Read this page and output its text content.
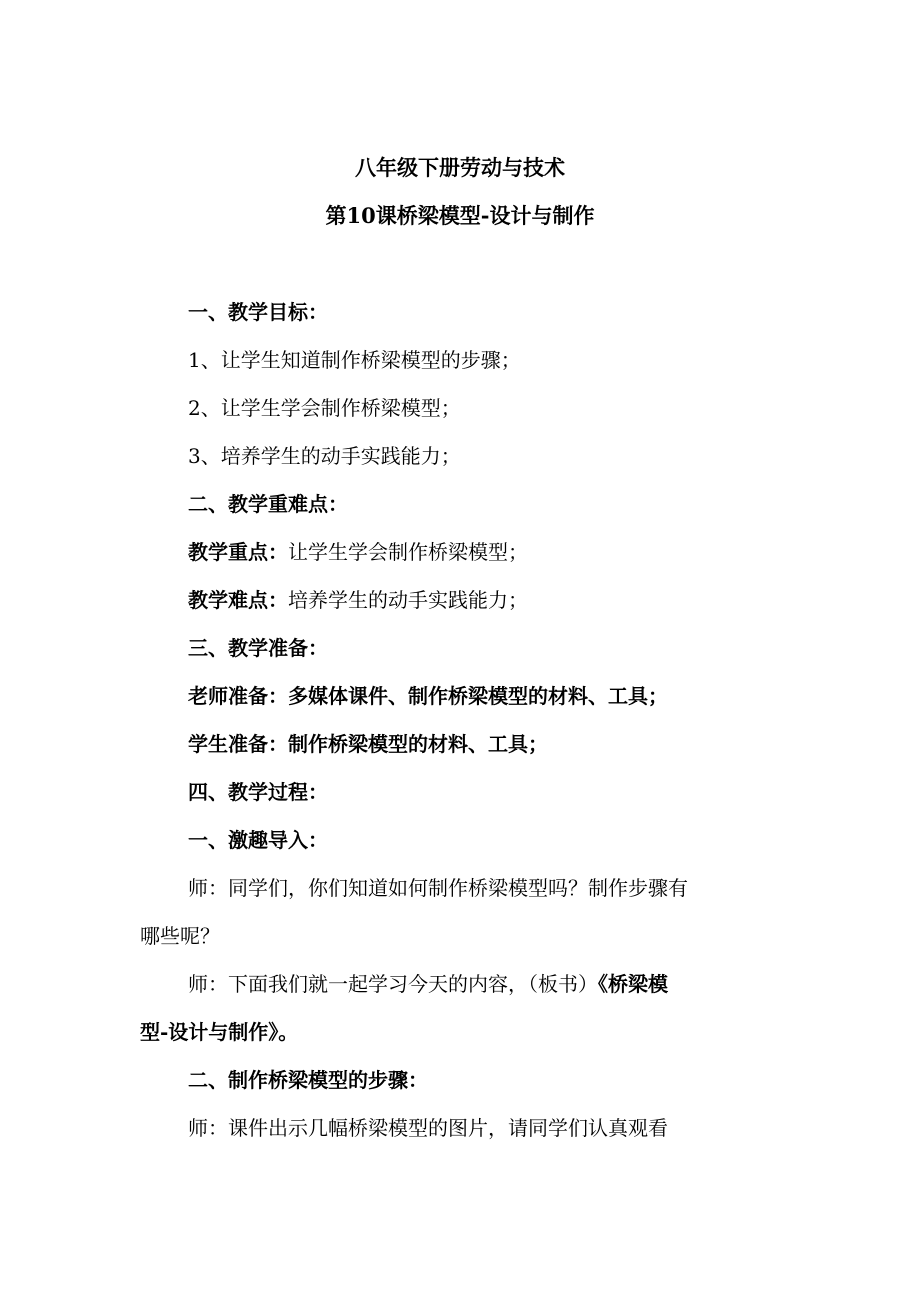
八年级下册劳动与技术
第10课桥梁模型-设计与制作
一、教学目标：
1、让学生知道制作桥梁模型的步骤；
2、让学生学会制作桥梁模型；
3、培养学生的动手实践能力；
二、教学重难点：
教学重点：让学生学会制作桥梁模型；
教学难点：培养学生的动手实践能力；
三、教学准备：
老师准备：多媒体课件、制作桥梁模型的材料、工具；
学生准备：制作桥梁模型的材料、工具；
四、教学过程：
一、激趣导入：
师：同学们，你们知道如何制作桥梁模型吗？制作步骤有
哪些呢？
师：下面我们就一起学习今天的内容，（板书）《桥梁模
型-设计与制作》。
二、制作桥梁模型的步骤：
师：课件出示几幅桥梁模型的图片，请同学们认真观看
